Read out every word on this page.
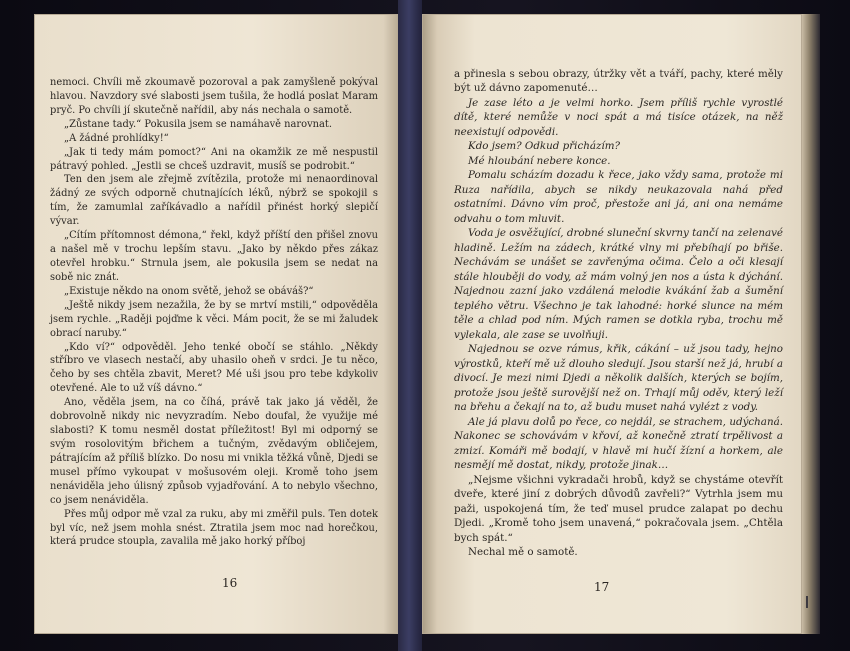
nemoci. Chvíli mě zkoumavě pozoroval a pak zamyšleně pokýval hlavou. Navzdory své slabosti jsem tušila, že hodlá poslat Maram pryč. Po chvíli jí skutečně nařídil, aby nás nechala o samotě.

„Zůstane tady.“ Pokusila jsem se namáhavě narovnat.

„A žádné prohlídky!“

„Jak ti tedy mám pomoct?“ Ani na okamžik ze mě nespustil pátravý pohled. „Jestli se chceš uzdravit, musíš se podrobit.“

Ten den jsem ale zřejmě zvítězila, protože mi nenaordinoval žádný ze svých odporně chutnajících léků, nýbrž se spokojil s tím, že zamumlal zaříkávadlo a nařídil přinést horký slepičí vývar.

„Cítím přítomnost démona,“ řekl, když příští den přišel znovu a našel mě v trochu lepším stavu. „Jako by někdo přes zákaz otevřel hrobku.“ Strnula jsem, ale pokusila jsem se nedat na sobě nic znát.

„Existuje někdo na onom světě, jehož se obáváš?“

„Ještě nikdy jsem nezažila, že by se mrtví mstili,“ odpověděla jsem rychle. „Raději pojďme k věci. Mám pocit, že se mi žaludek obrací naruby.“

„Kdo ví?“ odpověděl. Jeho tenké obočí se stáhlo. „Někdy stříbro ve vlasech nestačí, aby uhasilo oheň v srdci. Je tu něco, čeho by ses chtěla zbavit, Meret? Mé uši jsou pro tebe kdykoliv otevřené. Ale to už víš dávno.“

Ano, věděla jsem, na co číhá, právě tak jako já věděl, že dobrovolně nikdy nic nevyzradím. Nebo doufal, že využije mé slabosti? K tomu nesměl dostat příležitost! Byl mi odporný se svým rosolovitým břichem a tučným, zvědavým obličejem, pátrajícím až příliš blízko. Do nosu mi vnikla těžká vůně, Djedi se musel přímo vykoupat v mošusovém oleji. Kromě toho jsem nenáviděla jeho úlisný způsob vyjadřování. A to nebylo všechno, co jsem nenáviděla.

Přes můj odpor mě vzal za ruku, aby mi změřil puls. Ten dotek byl víc, než jsem mohla snést. Ztratila jsem moc nad horečkou, která prudce stoupla, zavalila mě jako horký příboj

16

a přinesla s sebou obrazy, útržky vět a tváří, pachy, které měly být už dávno zapomenuté…

Je zase léto a je velmi horko. Jsem příliš rychle vyrostlé dítě, které nemůže v noci spát a má tisíce otázek, na něž neexistují odpovědi.

Kdo jsem? Odkud přicházím?

Mé hloubání nebere konce.

Pomalu scházím dozadu k řece, jako vždy sama, protože mi Ruza nařídila, abych se nikdy neukazovala nahá před ostatními. Dávno vím proč, přestože ani já, ani ona nemáme odvahu o tom mluvit.

Voda je osvěžující, drobné sluneční skvrny tančí na zelenavé hladině. Ležím na zádech, krátké vlny mi přebíhají po břiše. Nechávám se unášet se zavřenýma očima. Čelo a oči klesají stále hlouběji do vody, až mám volný jen nos a ústa k dýchání. Najednou zazní jako vzdálená melodie kvákání žab a šumění teplého větru. Všechno je tak lahodné: horké slunce na mém těle a chlad pod ním. Mých ramen se dotkla ryba, trochu mě vylekala, ale zase se uvolňuji.

Najednou se ozve rámus, křik, cákání – už jsou tady, hejno výrostků, kteří mě už dlouho sledují. Jsou starší než já, hrubí a divocí. Je mezi nimi Djedi a několik dalších, kterých se bojím, protože jsou ještě surovější než on. Trhají můj oděv, který leží na břehu a čekají na to, až budu muset nahá vylézt z vody.

Ale já plavu dolů po řece, co nejdál, se strachem, udýchaná. Nakonec se schovávám v křoví, až konečně ztratí trpělivost a zmizí. Komáři mě bodají, v hlavě mi hučí žízní a horkem, ale nesmějí mě dostat, nikdy, protože jinak…

„Nejsme všichni vykradači hrobů, když se chystáme otevřít dveře, které jiní z dobrých důvodů zavřeli?“ Vytrhla jsem mu paži, uspokojená tím, že teď musel prudce zalapat po dechu Djedi. „Kromě toho jsem unavená,“ pokračovala jsem. „Chtěla bych spát.“

Nechal mě o samotě.

17
